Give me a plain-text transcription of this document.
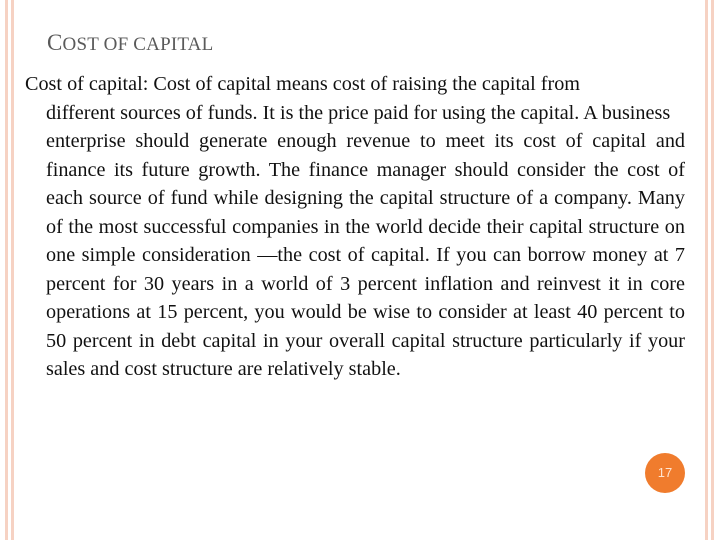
COST OF CAPITAL

Cost of capital: Cost of capital means cost of raising the capital from

different sources of funds. It is the price paid for using the capital. A business

enterprise should generate enough revenue to meet its cost of capital and finance its future growth. The finance manager should consider the cost of each source of fund while designing the capital structure of a company. Many of the most successful companies in the world decide their capital structure on one simple consideration —the cost of capital. If you can borrow money at 7 percent for 30 years in a world of 3 percent inflation and reinvest it in core operations at 15 percent, you would be wise to consider at least 40 percent to 50 percent in debt capital in your overall capital structure particularly if your sales and cost structure are relatively stable.

17
